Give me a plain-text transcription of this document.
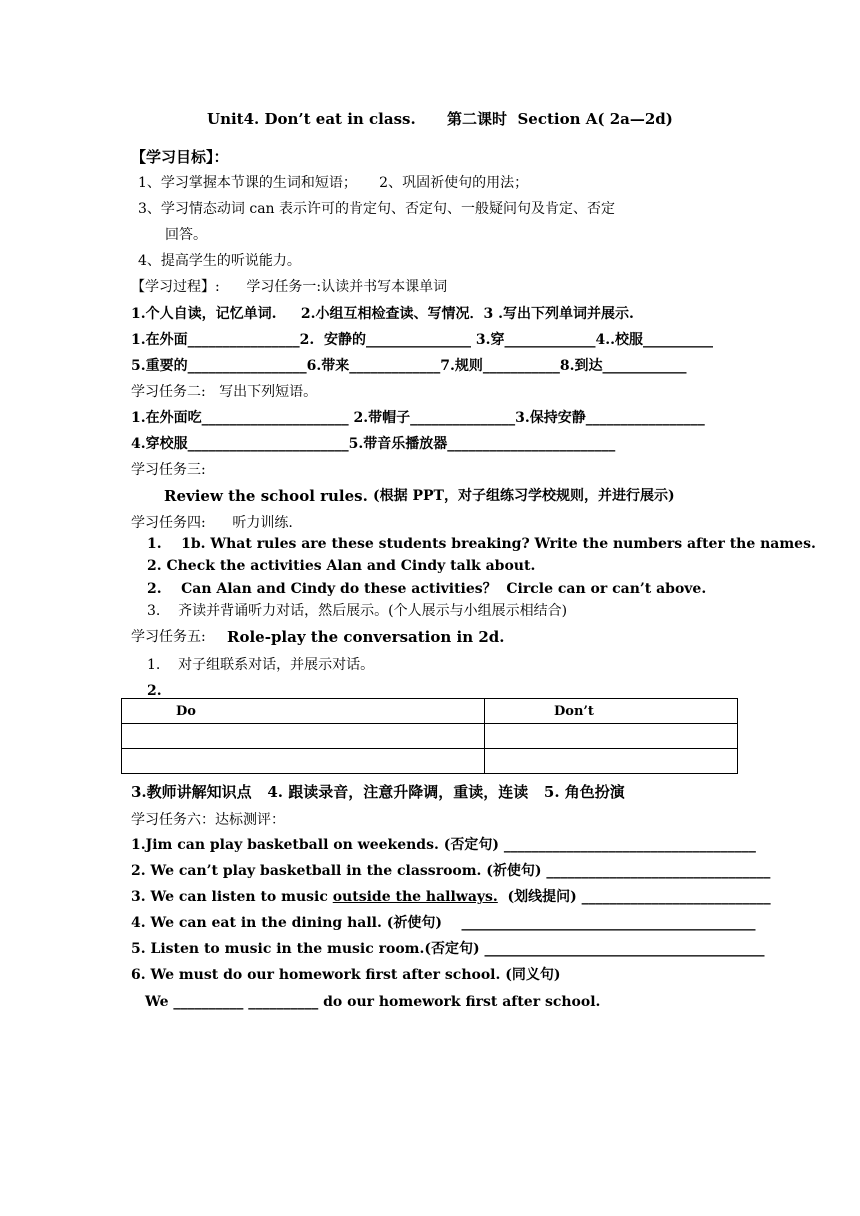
Unit4. Don’t eat in class.      第二课时  Section A( 2a—2d)
【学习目标】：
1、学习掌握本节课的生词和短语；     2、巩固祈使句的用法；
3、学习情态动词 can 表示许可的肯定句、否定句、一般疑问句及肯定、否定
回答。
4、提高学生的听说能力。
【学习过程】:      学习任务一:认读并书写本课单词
1.个人自读，记忆单词.     2.小组互相检查读、写情况．3 .写出下列单词并展示.
1.在外面________________2.  安静的_______________ 3.穿_____________4..校服__________
5.重要的_________________6.带来_____________7.规则___________8.到达____________
学习任务二:   写出下列短语。
1.在外面吃_____________________ 2.带帽子_______________3.保持安静_________________
4.穿校服_______________________5.带音乐播放器________________________
学习任务三:
Review the school rules. (根据 PPT，对子组练习学校规则，并进行展示)
学习任务四:      听力训练.
1.    1b. What rules are these students breaking? Write the numbers after the names.
2. Check the activities Alan and Cindy talk about.
2.    Can Alan and Cindy do these activities？  Circle can or can’t above.
3.    齐读并背诵听力对话，然后展示。(个人展示与小组展示相结合)
学习任务五: Role-play the conversation in 2d.
1.    对子组联系对话，并展示对话。
2.
Do	Don’t

3.教师讲解知识点   4. 跟读录音，注意升降调，重读，连读   5. 角色扮演
学习任务六：达标测评：
1.Jim can play basketball on weekends. (否定句) ____________________________________
2. We can’t play basketball in the classroom. (祈使句) ________________________________
3. We can listen to music outside the hallways.  (划线提问) ___________________________
4. We can eat in the dining hall. (祈使句)    __________________________________________
5. Listen to music in the music room.(否定句) ________________________________________
6. We must do our homework first after school. (同义句)
We __________ __________ do our homework first after school.
